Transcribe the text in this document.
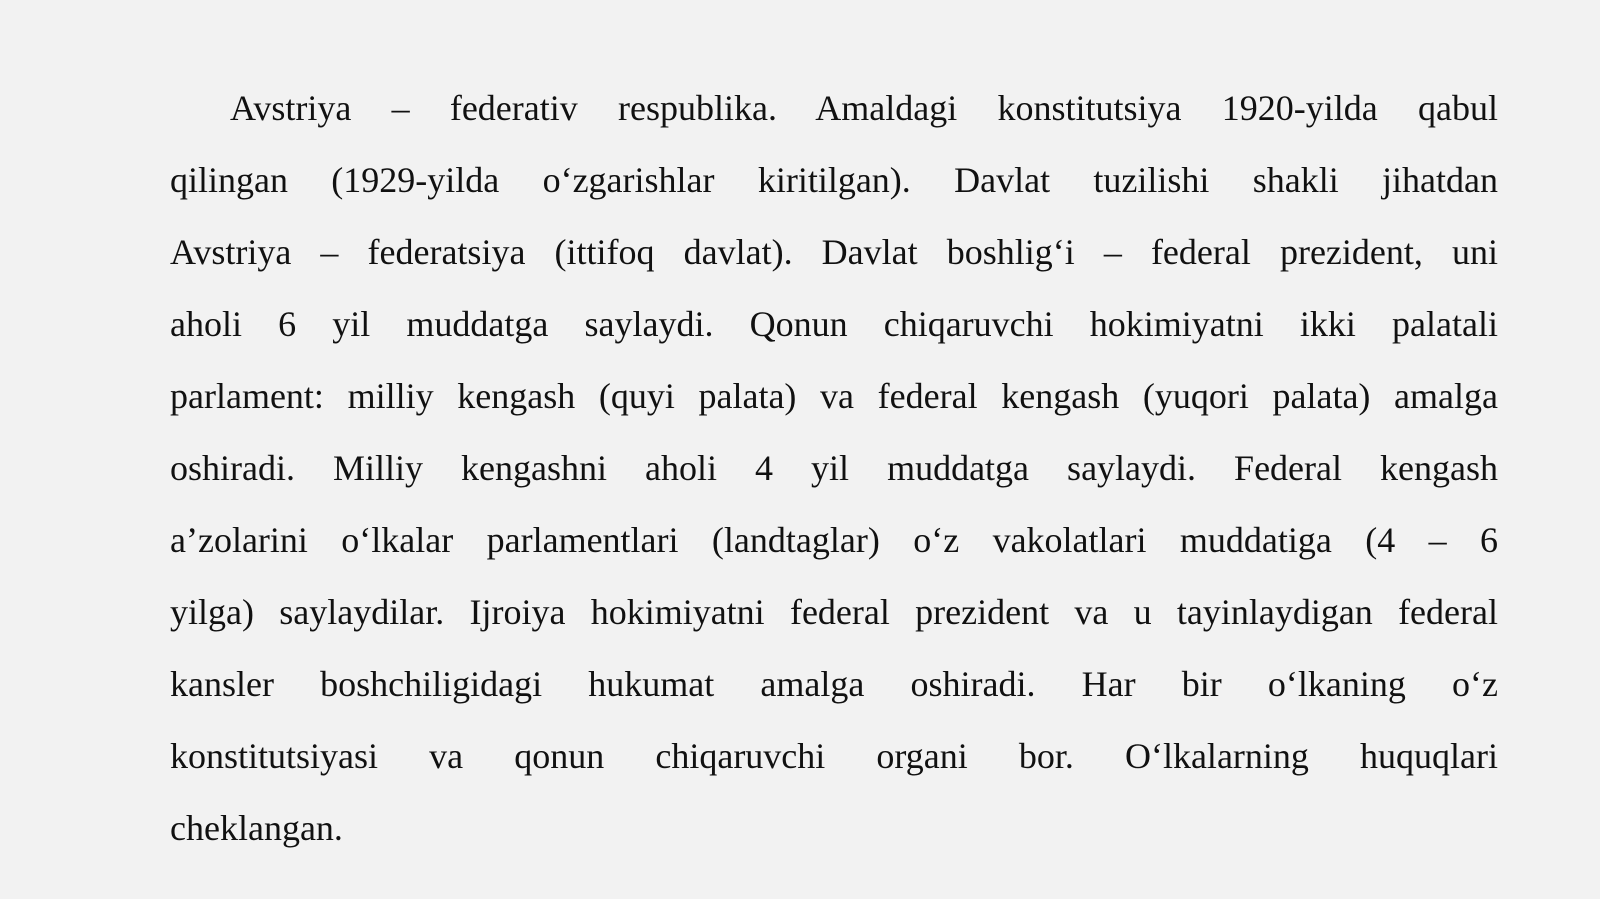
Avstriya – federativ respublika. Amaldagi konstitutsiya 1920-yilda qabul
qilingan (1929-yilda o‘zgarishlar kiritilgan). Davlat tuzilishi shakli jihatdan
Avstriya – federatsiya (ittifoq davlat). Davlat boshlig‘i – federal prezident, uni
aholi 6 yil muddatga saylaydi. Qonun chiqaruvchi hokimiyatni ikki palatali
parlament: milliy kengash (quyi palata) va federal kengash (yuqori palata) amalga
oshiradi. Milliy kengashni aholi 4 yil muddatga saylaydi. Federal kengash
a’zolarini o‘lkalar parlamentlari (landtaglar) o‘z vakolatlari muddatiga (4 – 6
yilga) saylaydilar. Ijroiya hokimiyatni federal prezident va u tayinlaydigan federal
kansler boshchiligidagi hukumat amalga oshiradi. Har bir o‘lkaning o‘z
konstitutsiyasi va qonun chiqaruvchi organi bor. O‘lkalarning huquqlari
cheklangan.
